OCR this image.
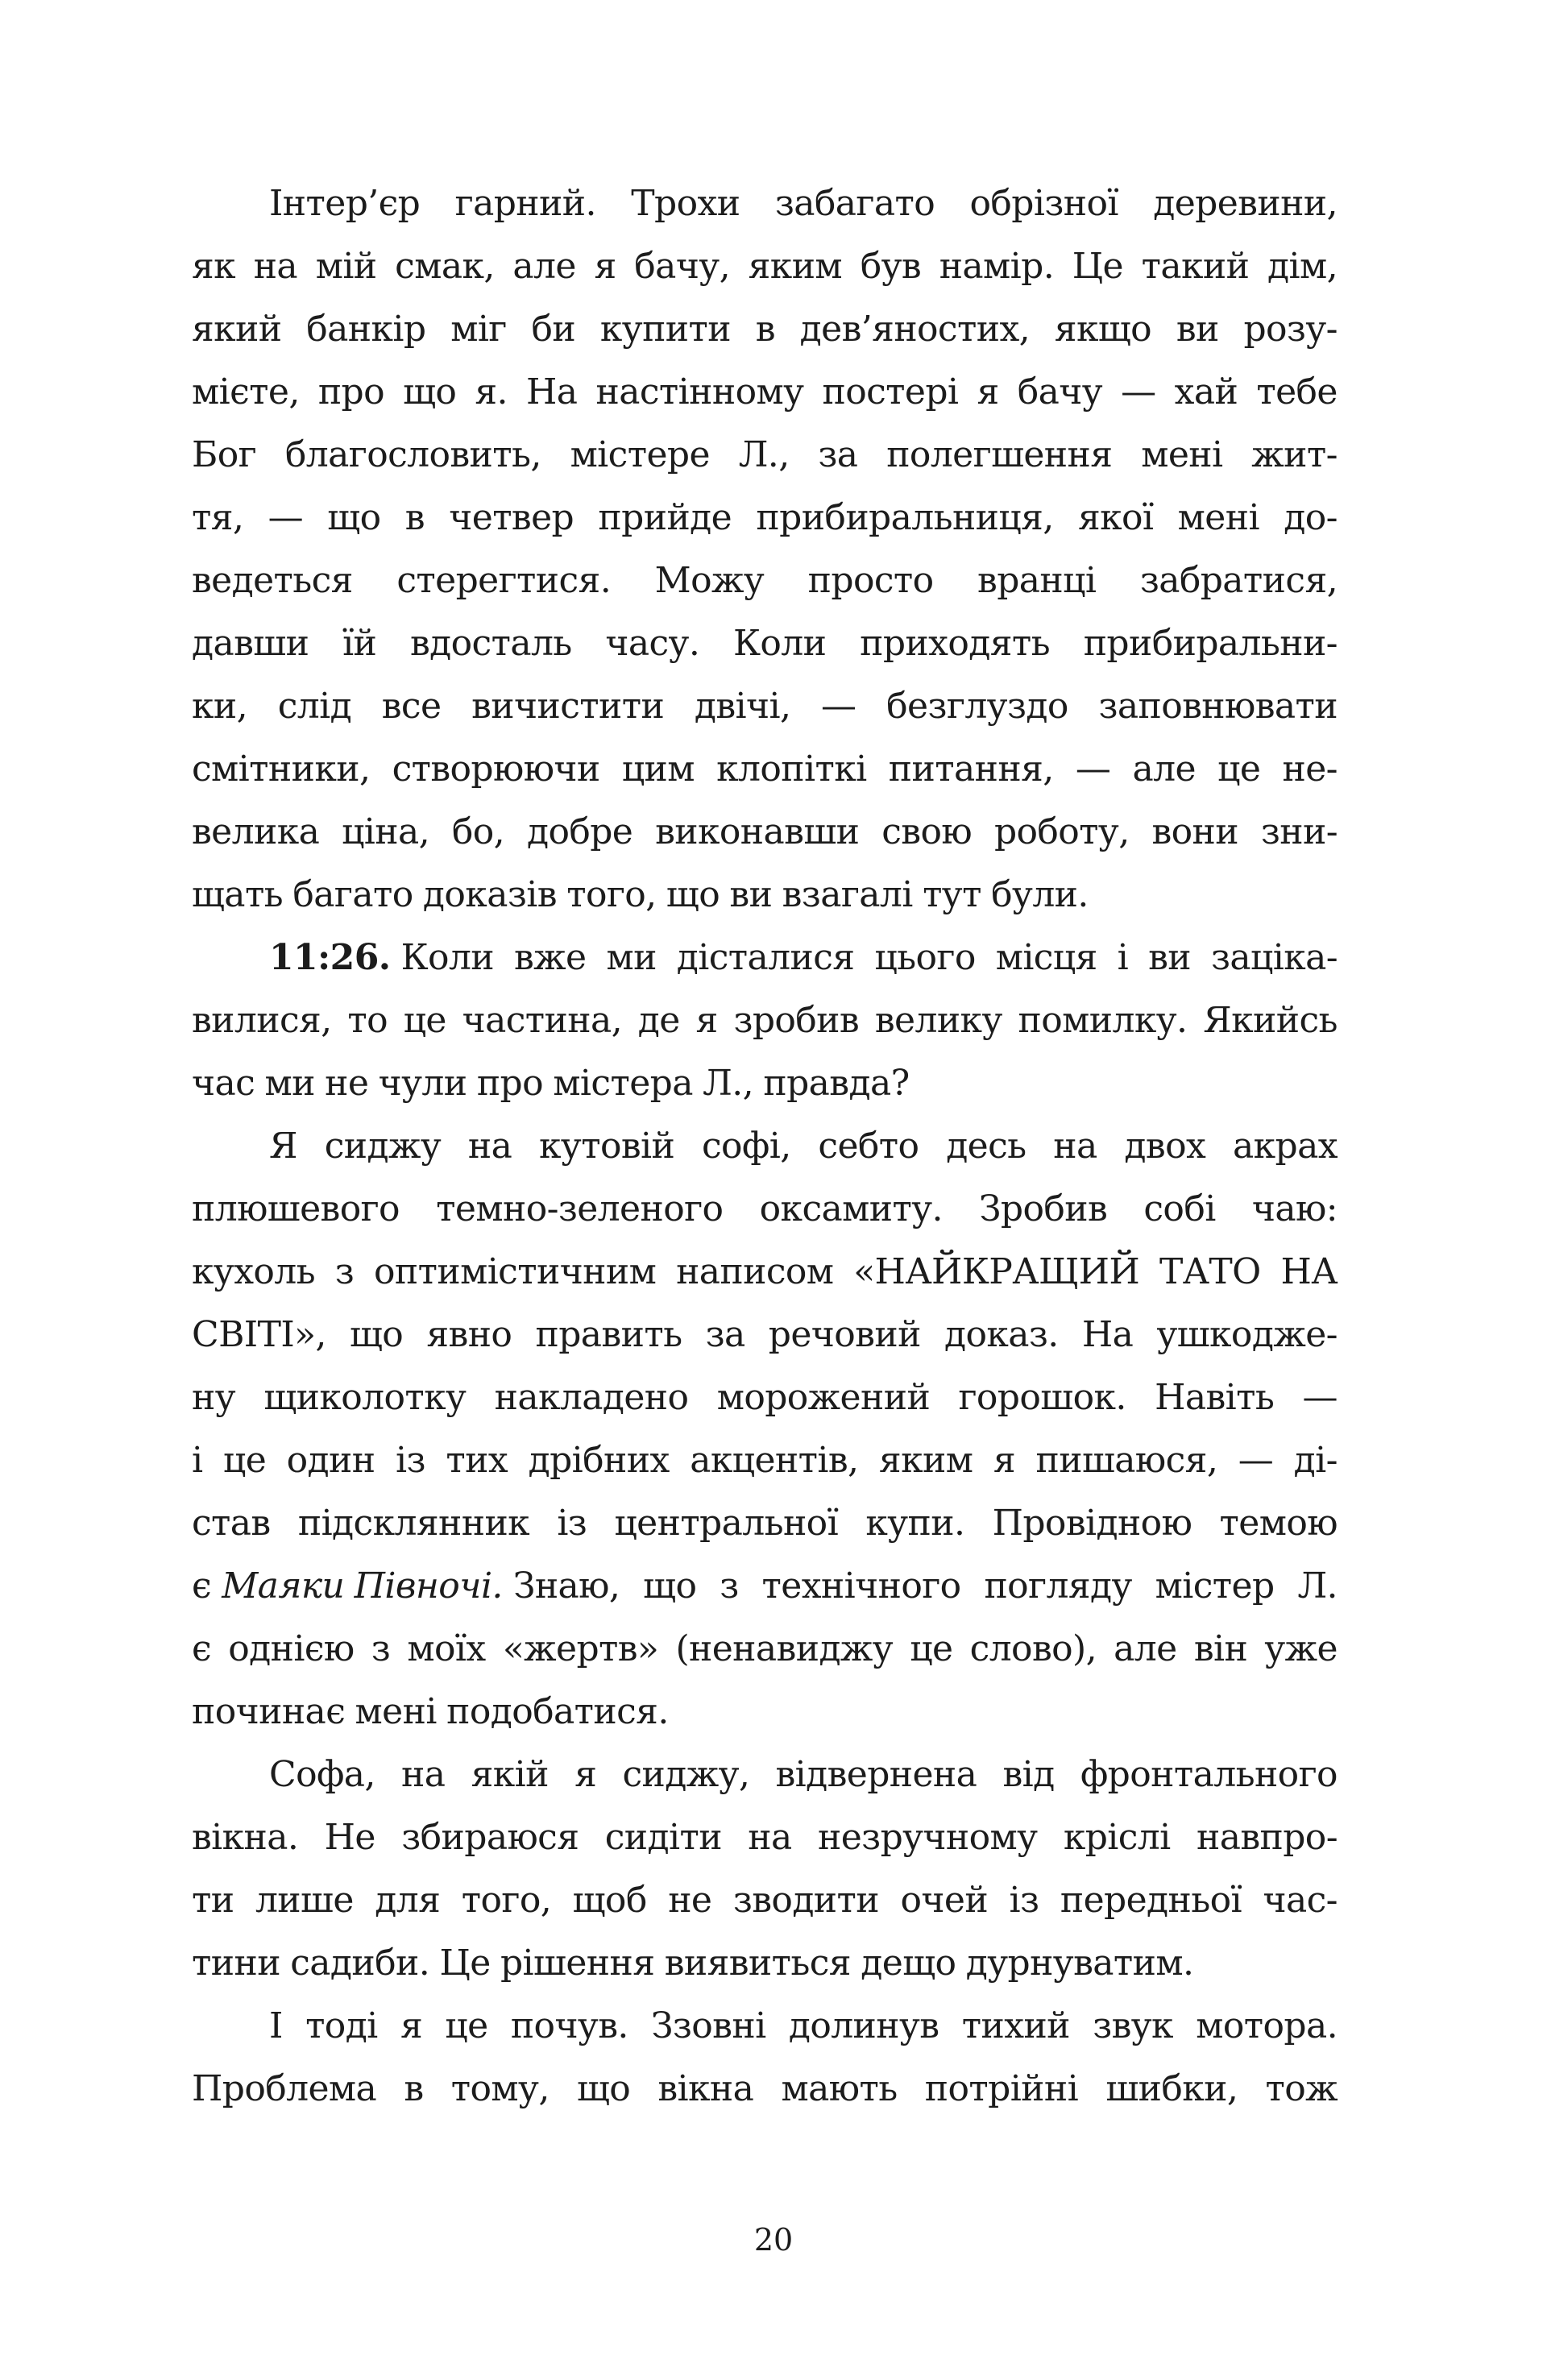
Інтер’єр гарний. Трохи забагато обрізної деревини,
як на мій смак, але я бачу, яким був намір. Це такий дім,
який банкір міг би купити в дев’яностих, якщо ви розу-
мієте, про що я. На настінному постері я бачу — хай тебе
Бог благословить, містере Л., за полегшення мені жит-
тя, — що в четвер прийде прибиральниця, якої мені до-
ведеться стерегтися. Можу просто вранці забратися,
давши їй вдосталь часу. Коли приходять прибиральни-
ки, слід все вичистити двічі, — безглуздо заповнювати
смітники, створюючи цим клопіткі питання, — але це не-
велика ціна, бо, добре виконавши свою роботу, вони зни-
щать багато доказів того, що ви взагалі тут були.
11:26. Коли вже ми дісталися цього місця і ви заціка-
вилися, то це частина, де я зробив велику помилку. Якийсь
час ми не чули про містера Л., правда?
Я сиджу на кутовій софі, себто десь на двох акрах
плюшевого темно-зеленого оксамиту. Зробив собі чаю:
кухоль з оптимістичним написом «НАЙКРАЩИЙ ТАТО НА
СВІТІ», що явно править за речовий доказ. На ушкодже-
ну щиколотку накладено морожений горошок. Навіть —
і це один із тих дрібних акцентів, яким я пишаюся, — ді-
став підсклянник із центральної купи. Провідною темою
є Маяки Півночі. Знаю, що з технічного погляду містер Л.
є однією з моїх «жертв» (ненавиджу це слово), але він уже
починає мені подобатися.
Софа, на якій я сиджу, відвернена від фронтального
вікна. Не збираюся сидіти на незручному кріслі навпро-
ти лише для того, щоб не зводити очей із передньої час-
тини садиби. Це рішення виявиться дещо дурнуватим.
І тоді я це почув. Ззовні долинув тихий звук мотора.
Проблема в тому, що вікна мають потрійні шибки, тож
20
